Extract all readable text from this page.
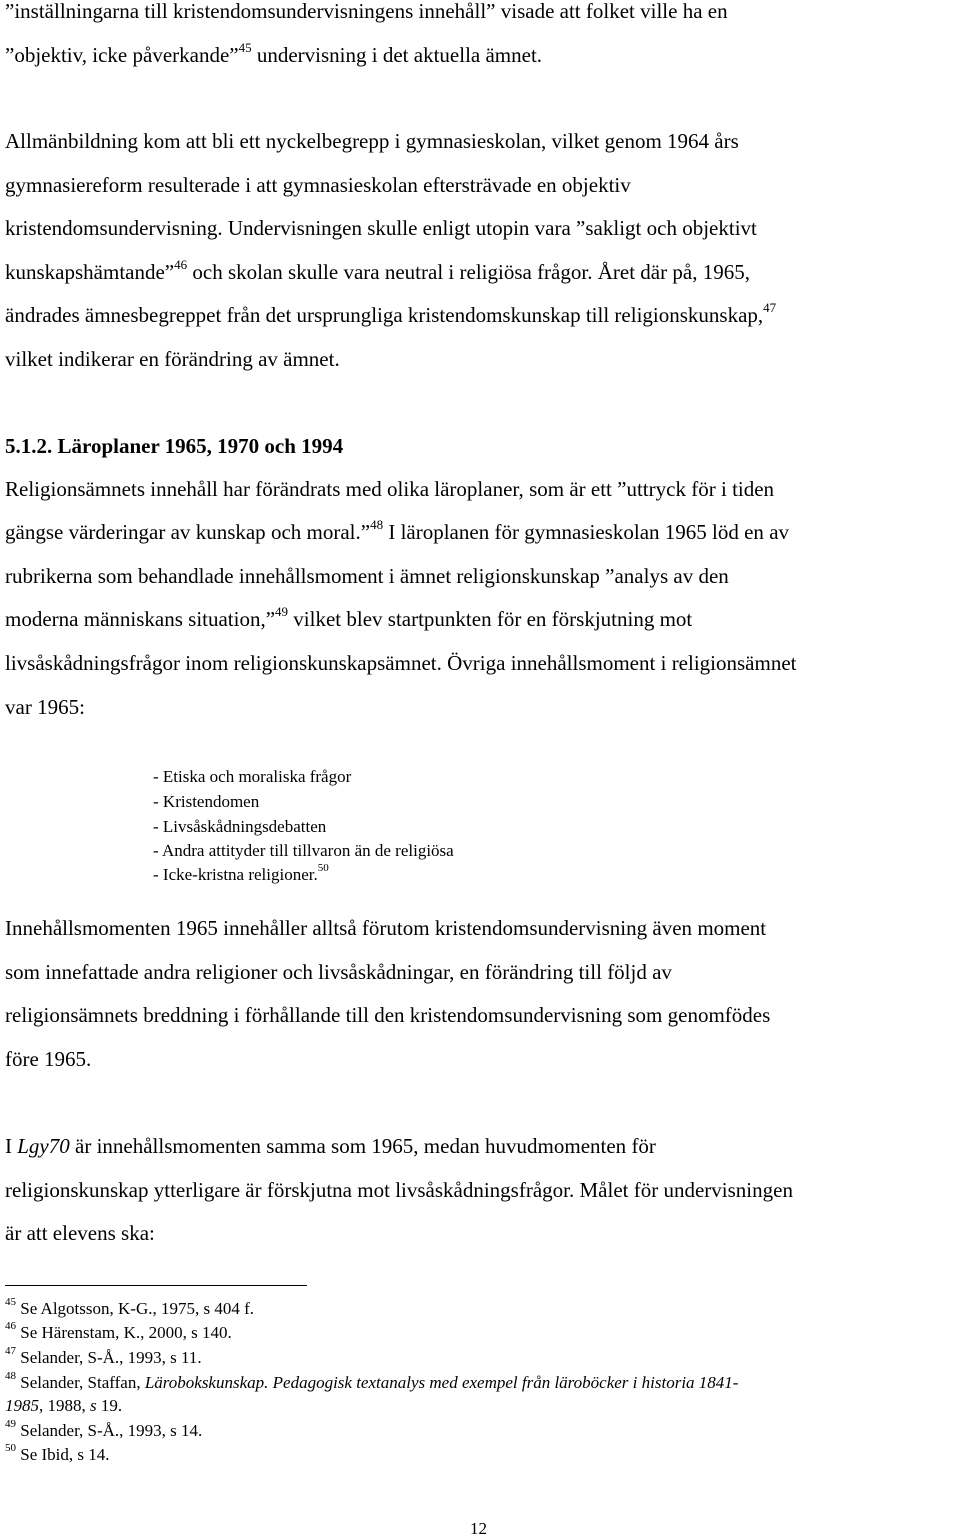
”inställningarna till kristendomsundervisningens innehåll” visade att folket ville ha en
”objektiv, icke påverkande”$^{45}$ undervisning i det aktuella ämnet.
Allmänbildning kom att bli ett nyckelbegrepp i gymnasieskolan, vilket genom 1964 års
gymnasiereform resulterade i att gymnasieskolan eftersträvade en objektiv
kristendomsundervisning. Undervisningen skulle enligt utopin vara ”sakligt och objektivt
kunskapshämtande”$^{46}$ och skolan skulle vara neutral i religiösa frågor. Året där på, 1965,
ändrades ämnesbegreppet från det ursprungliga kristendomskunskap till religionskunskap,$^{47}$
vilket indikerar en förändring av ämnet.
5.1.2. Läroplaner 1965, 1970 och 1994
Religionsämnets innehåll har förändrats med olika läroplaner, som är ett ”uttryck för i tiden
gängse värderingar av kunskap och moral.”$^{48}$ I läroplanen för gymnasieskolan 1965 löd en av
rubrikerna som behandlade innehållsmoment i ämnet religionskunskap ”analys av den
moderna människans situation,”$^{49}$ vilket blev startpunkten för en förskjutning mot
livsåskådningsfrågor inom religionskunskapsämnet. Övriga innehållsmoment i religionsämnet
var 1965:
- Etiska och moraliska frågor
- Kristendomen
- Livsåskådningsdebatten
- Andra attityder till tillvaron än de religiösa
- Icke-kristna religioner.$^{50}$
Innehållsmomenten 1965 innehåller alltså förutom kristendomsundervisning även moment
som innefattade andra religioner och livsåskådningar, en förändring till följd av
religionsämnets breddning i förhållande till den kristendomsundervisning som genomfödes
före 1965.
I Lgy70 är innehållsmomenten samma som 1965, medan huvudmomenten för
religionskunskap ytterligare är förskjutna mot livsåskådningsfrågor. Målet för undervisningen
är att elevens ska:
$^{45}$ Se Algotsson, K-G., 1975, s 404 f.
$^{46}$ Se Härenstam, K., 2000, s 140.
$^{47}$ Selander, S-Å., 1993, s 11.
$^{48}$ Selander, Staffan, Lärobokskunskap. Pedagogisk textanalys med exempel från läroböcker i historia 1841-
1985, 1988, s 19.
$^{49}$ Selander, S-Å., 1993, s 14.
$^{50}$ Se Ibid, s 14.
12
